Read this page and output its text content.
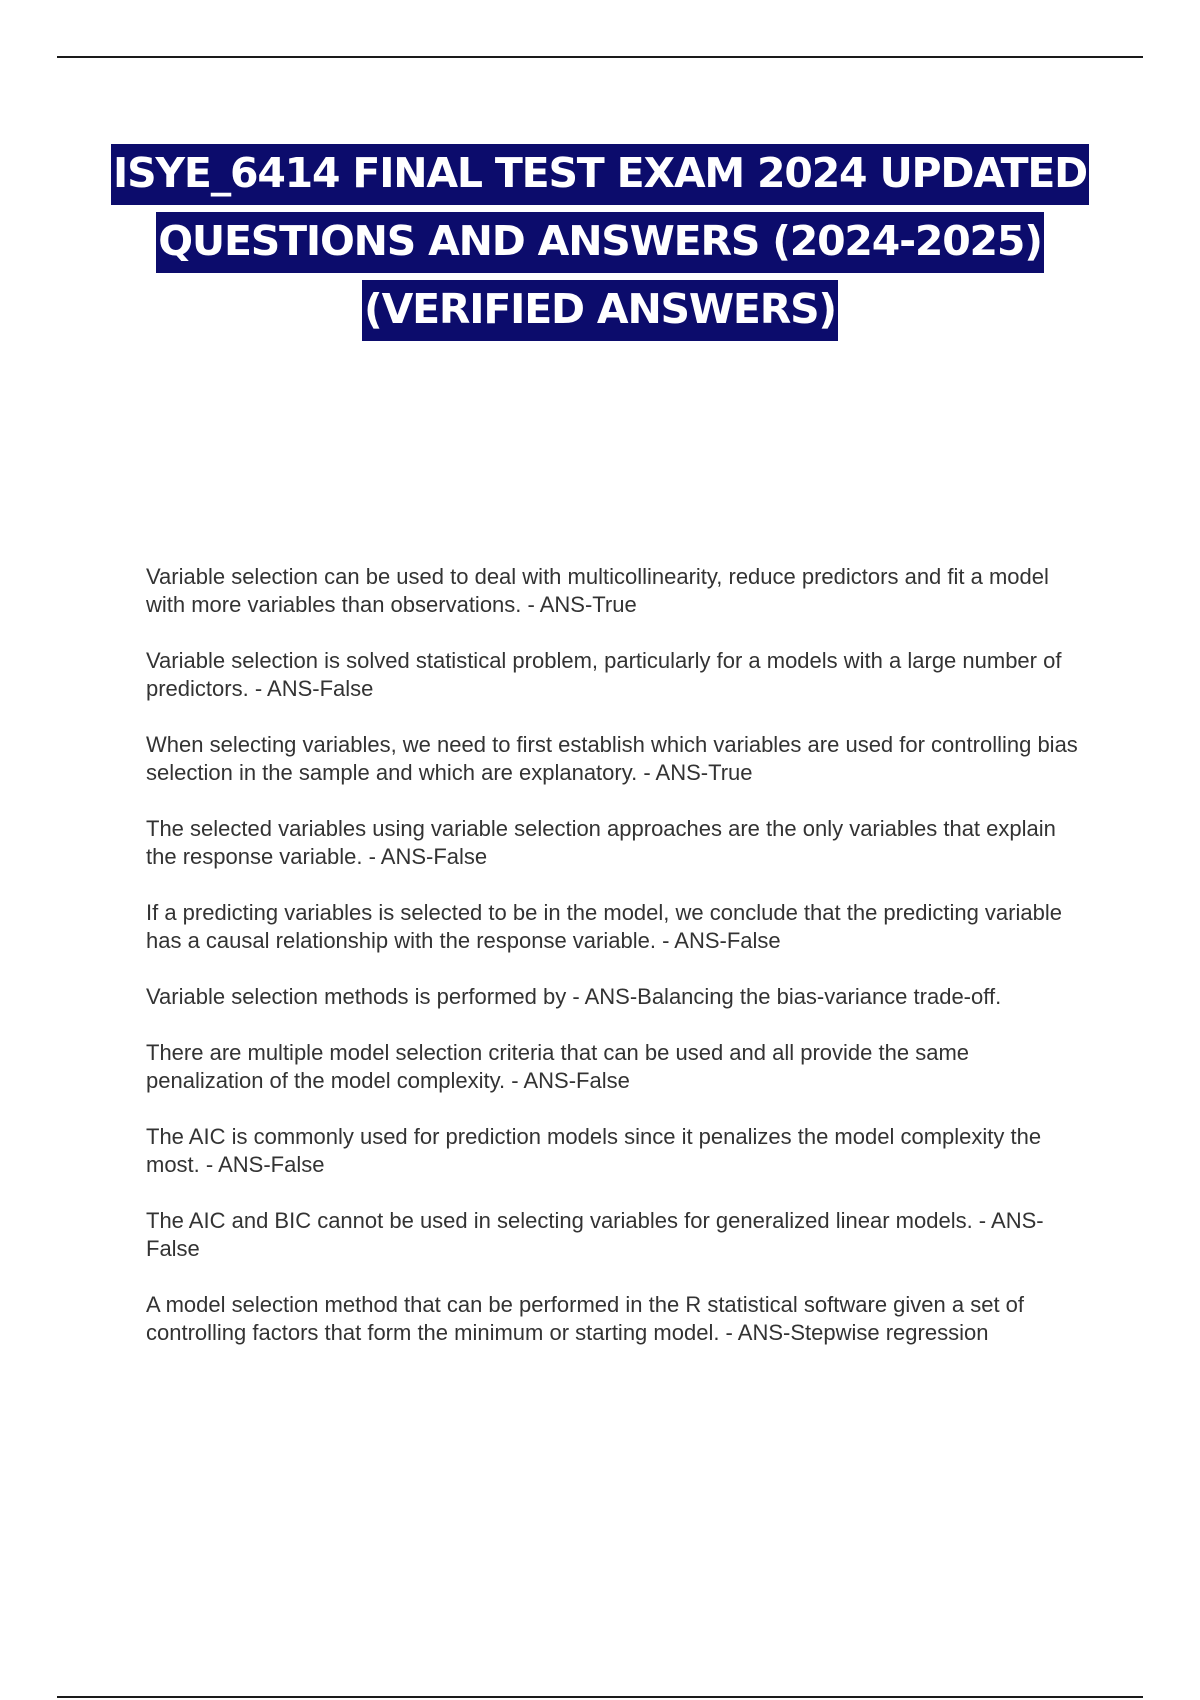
ISYE_6414 FINAL TEST EXAM 2024 UPDATED
QUESTIONS AND ANSWERS (2024-2025)
(VERIFIED ANSWERS)

Variable selection can be used to deal with multicollinearity, reduce predictors and fit a model with more variables than observations. - ANS-True

Variable selection is solved statistical problem, particularly for a models with a large number of predictors. - ANS-False

When selecting variables, we need to first establish which variables are used for controlling bias selection in the sample and which are explanatory. - ANS-True

The selected variables using variable selection approaches are the only variables that explain the response variable. - ANS-False

If a predicting variables is selected to be in the model, we conclude that the predicting variable has a causal relationship with the response variable. - ANS-False

Variable selection methods is performed by - ANS-Balancing the bias-variance trade-off.

There are multiple model selection criteria that can be used and all provide the same penalization of the model complexity. - ANS-False

The AIC is commonly used for prediction models since it penalizes the model complexity the most. - ANS-False

The AIC and BIC cannot be used in selecting variables for generalized linear models. - ANS-False

A model selection method that can be performed in the R statistical software given a set of controlling factors that form the minimum or starting model. - ANS-Stepwise regression
